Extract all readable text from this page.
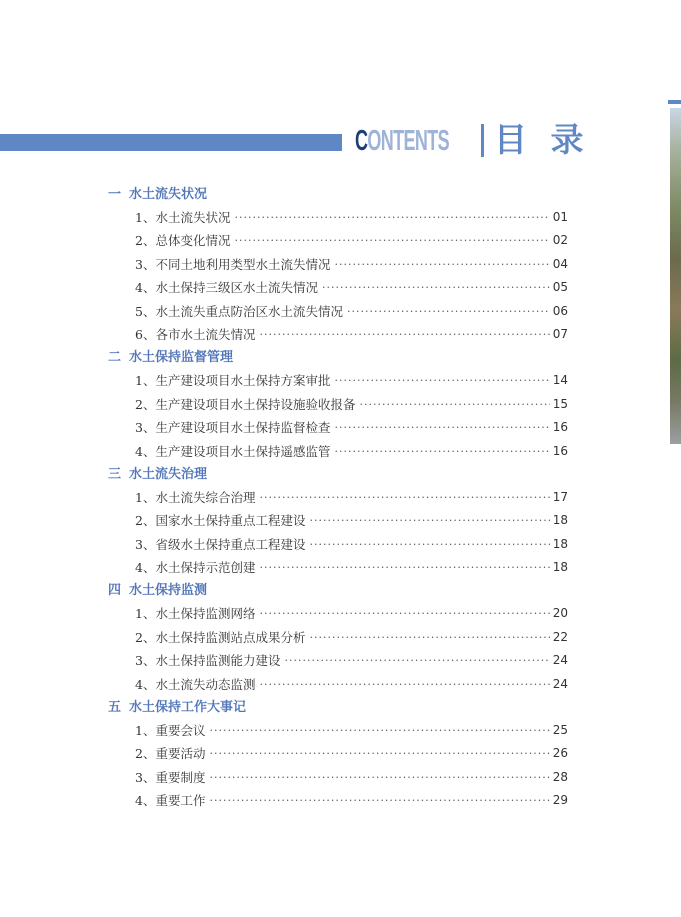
CONTENTS 目 录
一 水土流失状况
1、水土流失状况 ·····	01
2、总体变化情况 ·····	02
3、不同土地利用类型水土流失情况 ·····	04
4、水土保持三级区水土流失情况 ·····	05
5、水土流失重点防治区水土流失情况 ·····	06
6、各市水土流失情况 ·····	07
二 水土保持监督管理
1、生产建设项目水土保持方案审批 ·····	14
2、生产建设项目水土保持设施验收报备 ·····	15
3、生产建设项目水土保持监督检查 ·····	16
4、生产建设项目水土保持遥感监管 ·····	16
三 水土流失治理
1、水土流失综合治理 ·····	17
2、国家水土保持重点工程建设 ·····	18
3、省级水土保持重点工程建设 ·····	18
4、水土保持示范创建 ·····	18
四 水土保持监测
1、水土保持监测网络 ·····	20
2、水土保持监测站点成果分析 ·····	22
3、水土保持监测能力建设 ·····	24
4、水土流失动态监测 ·····	24
五 水土保持工作大事记
1、重要会议 ·····	25
2、重要活动 ·····	26
3、重要制度 ·····	28
4、重要工作 ·····	29
